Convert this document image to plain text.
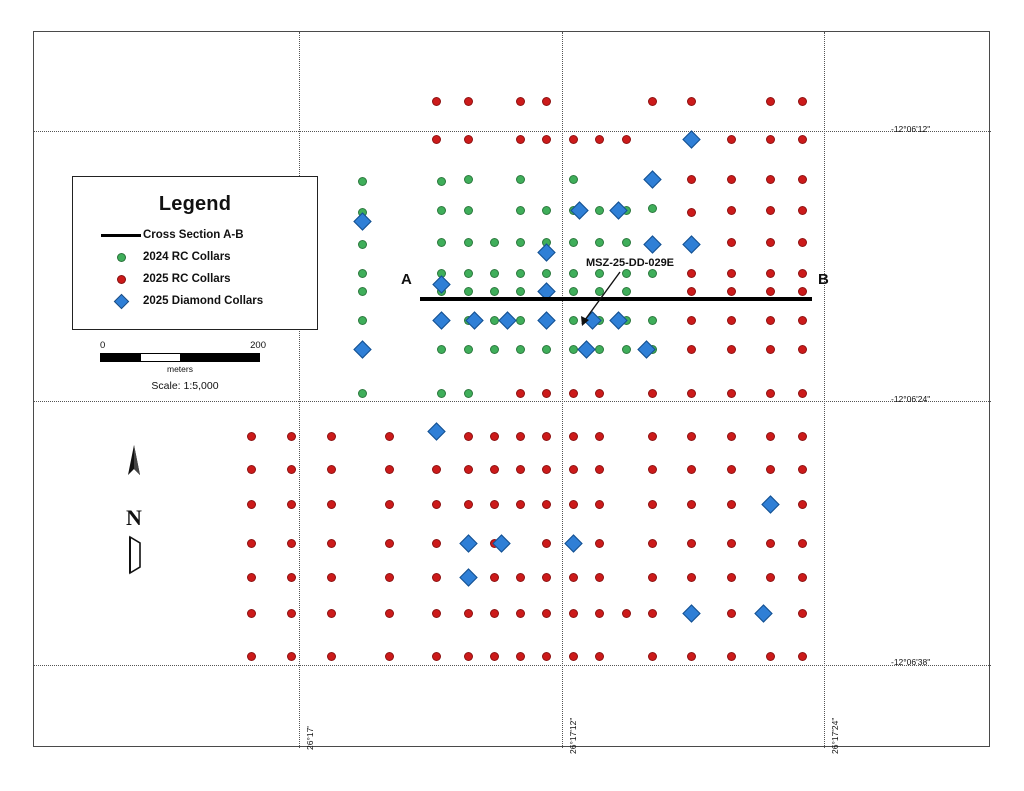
A	B
MSZ-25-DD-029E
-12°06'12"
-12°06'24"
-12°06'38"
26°17'	26°17'12"	26°17'24"
Legend
Cross Section A-B
2024 RC Collars
2025 RC Collars
2025 Diamond Collars
0	200
meters
Scale: 1:5,000
N
